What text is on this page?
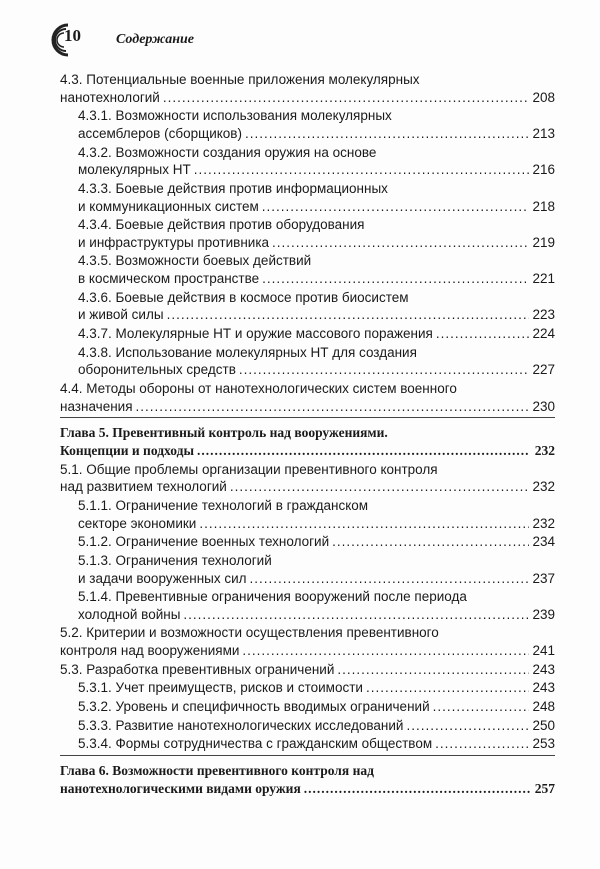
10	Содержание
4.3. Потенциальные военные приложения молекулярных
нанотехнологий .....	208
4.3.1. Возможности использования молекулярных
ассемблеров (сборщиков) .....	213
4.3.2. Возможности создания оружия на основе
молекулярных НТ .....	216
4.3.3. Боевые действия против информационных
и коммуникационных систем .....	218
4.3.4. Боевые действия против оборудования
и инфраструктуры противника .....	219
4.3.5. Возможности боевых действий
в космическом пространстве .....	221
4.3.6. Боевые действия в космосе против биосистем
и живой силы .....	223
4.3.7. Молекулярные НТ и оружие массового поражения .....	224
4.3.8. Использование молекулярных НТ для создания
оборонительных средств .....	227
4.4. Методы обороны от нанотехнологических систем военного
назначения .....	230
Глава 5. Превентивный контроль над вооружениями.
Концепции и подходы .....	232
5.1. Общие проблемы организации превентивного контроля
над развитием технологий .....	232
5.1.1. Ограничение технологий в гражданском
секторе экономики .....	232
5.1.2. Ограничение военных технологий .....	234
5.1.3. Ограничения технологий
и задачи вооруженных сил .....	237
5.1.4. Превентивные ограничения вооружений после периода
холодной войны .....	239
5.2. Критерии и возможности осуществления превентивного
контроля над вооружениями .....	241
5.3. Разработка превентивных ограничений .....	243
5.3.1. Учет преимуществ, рисков и стоимости .....	243
5.3.2. Уровень и специфичность вводимых ограничений .....	248
5.3.3. Развитие нанотехнологических исследований .....	250
5.3.4. Формы сотрудничества с гражданским обществом .....	253
Глава 6. Возможности превентивного контроля над
нанотехнологическими видами оружия .....	257
